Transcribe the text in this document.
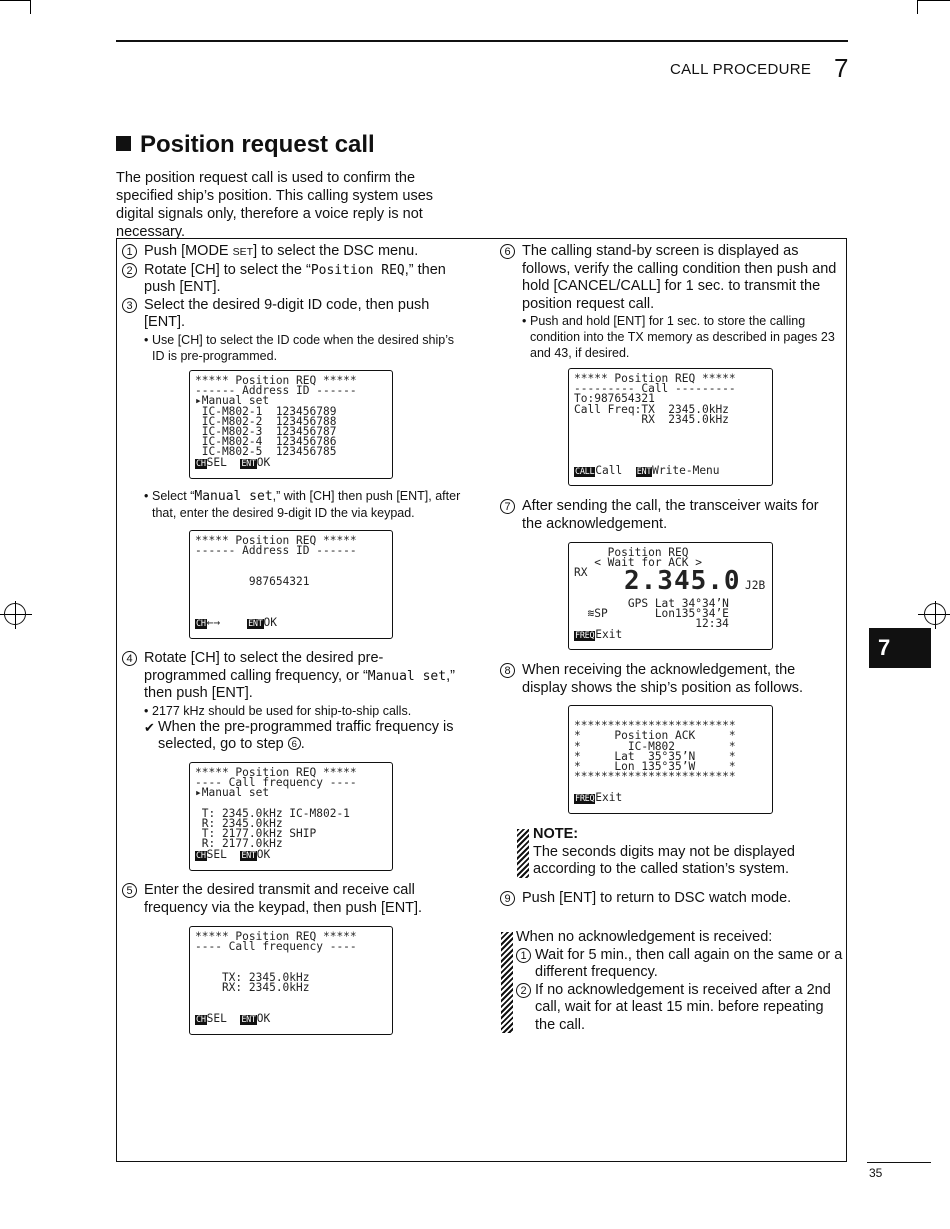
CALL PROCEDURE 7
Position request call
The position request call is used to confirm the specified ship’s position. This calling system uses digital signals only, therefore a voice reply is not necessary.
1 Push [MODE SET] to select the DSC menu.
2 Rotate [CH] to select the “Position REQ,” then push [ENT].
3 Select the desired 9-digit ID code, then push [ENT].
• Use [CH] to select the ID code when the desired ship’s ID is pre-programmed.
***** Position REQ *****
------ Address ID ------
▸Manual set
IC-M802-1  123456789
IC-M802-2  123456788
IC-M802-3  123456787
IC-M802-4  123456786
IC-M802-5  123456785
CHSEL ENTOK
• Select “Manual set,” with [CH] then push [ENT], after that, enter the desired 9-digit ID the via keypad.
***** Position REQ *****
------ Address ID ------
987654321
CH←→	ENTOK
4 Rotate [CH] to select the desired pre-programmed calling frequency, or “Manual set,” then push [ENT].
• 2177 kHz should be used for ship-to-ship calls.
✔ When the pre-programmed traffic frequency is selected, go to step 6 .
***** Position REQ *****
---- Call frequency ----
▸Manual set
T: 2345.0kHz IC-M802-1
R: 2345.0kHz
T: 2177.0kHz SHIP
R: 2177.0kHz
CHSEL ENTOK
5 Enter the desired transmit and receive call frequency via the keypad, then push [ENT].
***** Position REQ *****
---- Call frequency ----
TX: 2345.0kHz
RX: 2345.0kHz
CHSEL ENTOK
6 The calling stand-by screen is displayed as follows, verify the calling condition then push and hold [CANCEL/CALL] for 1 sec. to transmit the position request call.
• Push and hold [ENT] for 1 sec. to store the calling condition into the TX memory as described in pages 23 and 43, if desired.
***** Position REQ *****
--------- Call ---------
To:987654321
Call Freq:TX  2345.0kHz
RX  2345.0kHz
CALLCall ENTWrite-Menu
7 After sending the call, the transceiver waits for the acknowledgement.
Position REQ
< Wait for ACK >
RX
GPS Lat 34°34’N
≋SP       Lon135°34’E
12:34
FREQExit
2.345.0 J2B
8 When receiving the acknowledgement, the display shows the ship’s position as follows.
************************
*     Position ACK     *
*       IC-M802        *
*     Lat  35°35’N     *
*     Lon 135°35’W     *
************************
FREQExit
NOTE:
The seconds digits may not be displayed according to the called station’s system.
9 Push [ENT] to return to DSC watch mode.
When no acknowledgement is received:
1 Wait for 5 min., then call again on the same or a different frequency.
2 If no acknowledgement is received after a 2nd call, wait for at least 15 min. before repeating the call.
7
35
